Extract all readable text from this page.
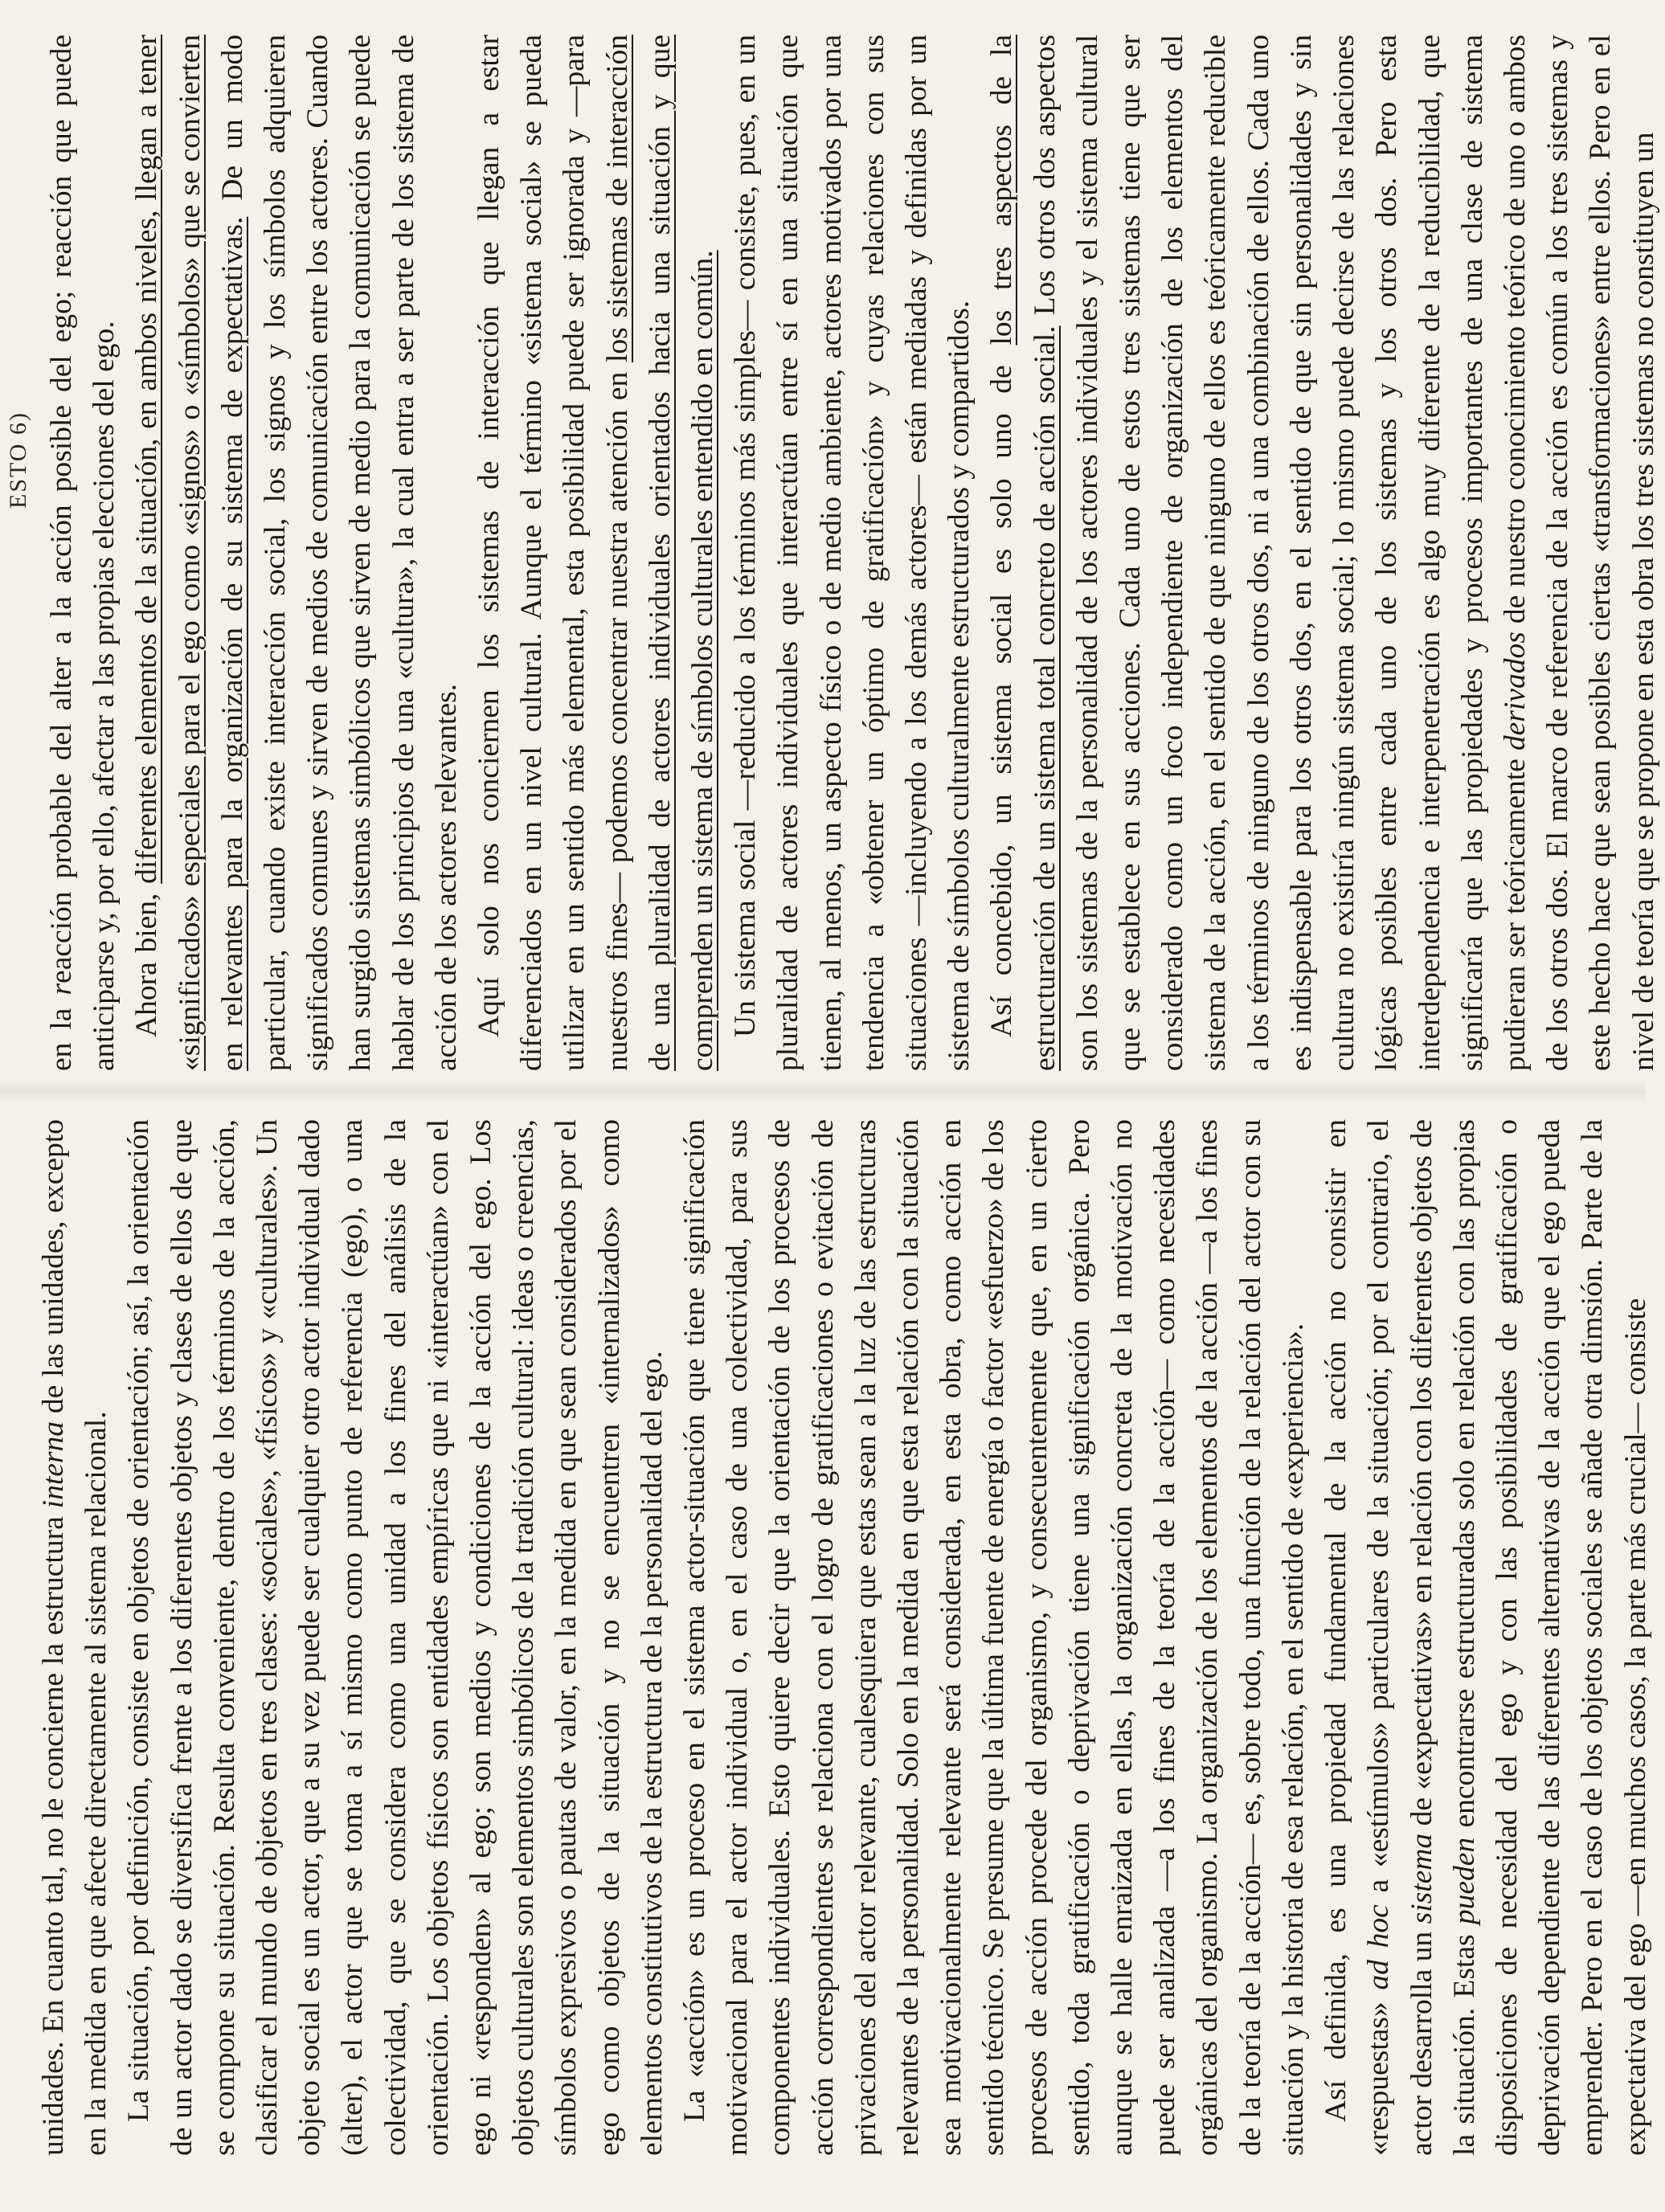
ESTO 6)

unidades. En cuanto tal, no le concierne la estructura interna de las unidades, excepto en la medida en que afecte directamente al sistema relacional. La situación, por definición, consiste en objetos de orientación; así, la orientación de un actor dado se diversifica frente a los diferentes objetos y clases de ellos de que se compone su situación. Resulta conveniente, dentro de los términos de la acción, clasificar el mundo de objetos en tres clases: «sociales», «físicos» y «culturales». Un objeto social es un actor, que a su vez puede ser cualquier otro actor individual dado (alter), el actor que se toma a sí mismo como punto de referencia (ego), o una colectividad, que se considera como una unidad a los fines del análisis de la orientación. Los objetos físicos son entidades empíricas que ni «interactúan» con el ego ni «responden» al ego; son medios y condiciones de la acción del ego. Los objetos culturales son elementos simbólicos de la tradición cultural: ideas o creencias, símbolos expresivos o pautas de valor, en la medida en que sean considerados por el ego como objetos de la situación y no se encuentren «internalizados» como elementos constitutivos de la estructura de la personalidad del ego. La «acción» es un proceso en el sistema actor-situación que tiene significación motivacional para el actor individual o, en el caso de una colectividad, para sus componentes individuales. Esto quiere decir que la orientación de los procesos de acción correspondientes se relaciona con el logro de gratificaciones o evitación de privaciones del actor relevante, cualesquiera que estas sean a la luz de las estructuras relevantes de la personalidad. Solo en la medida en que esta relación con la situación sea motivacionalmente relevante será considerada, en esta obra, como acción en sentido técnico. Se presume que la última fuente de energía o factor «esfuerzo» de los procesos de acción procede del organismo, y consecuentemente que, en un cierto sentido, toda gratificación o deprivación tiene una significación orgánica. Pero aunque se halle enraizada en ellas, la organización concreta de la motivación no puede ser analizada —a los fines de la teoría de la acción— como necesidades orgánicas del organismo. La organización de los elementos de la acción —a los fines de la teoría de la acción— es, sobre todo, una función de la relación del actor con su situación y la historia de esa relación, en el sentido de «experiencia». Así definida, es una propiedad fundamental de la acción no consistir en «respuestas» ad hoc a «estímulos» particulares de la situación; por el contrario, el actor desarrolla un sistema de «expectativas» en relación con los diferentes objetos de la situación. Estas pueden encontrarse estructuradas solo en relación con las propias disposiciones de necesidad del ego y con las posibilidades de gratificación o deprivación dependiente de las diferentes alternativas de la acción que el ego pueda emprender. Pero en el caso de los objetos sociales se añade otra dimsión. Parte de la expectativa del ego —en muchos casos, la parte más crucial— consiste

en la reacción probable del alter a la acción posible del ego; reacción que puede anticiparse y, por ello, afectar a las propias elecciones del ego. Ahora bien, diferentes elementos de la situación, en ambos niveles, llegan a tener «significados» especiales para el ego como «signos» o «símbolos» que se convierten en relevantes para la organización de su sistema de expectativas. De un modo particular, cuando existe interacción social, los signos y los símbolos adquieren significados comunes y sirven de medios de comunicación entre los actores. Cuando han surgido sistemas simbólicos que sirven de medio para la comunicación se puede hablar de los principios de una «cultura», la cual entra a ser parte de los sistema de acción de los actores relevantes. Aquí solo nos conciernen los sistemas de interacción que llegan a estar diferenciados en un nivel cultural. Aunque el término «sistema social» se pueda utilizar en un sentido más elemental, esta posibilidad puede ser ignorada y —para nuestros fines— podemos concentrar nuestra atención en los sistemas de interacción de una pluralidad de actores individuales orientados hacia una situación y que comprenden un sistema de símbolos culturales entendido en común. Un sistema social —reducido a los términos más simples— consiste, pues, en un pluralidad de actores individuales que interactúan entre sí en una situación que tienen, al menos, un aspecto físico o de medio ambiente, actores motivados por una tendencia a «obtener un óptimo de gratificación» y cuyas relaciones con sus situaciones —incluyendo a los demás actores— están mediadas y definidas por un sistema de símbolos culturalmente estructurados y compartidos. Así concebido, un sistema social es solo uno de los tres aspectos de la estructuración de un sistema total concreto de acción social. Los otros dos aspectos son los sistemas de la personalidad de los actores individuales y el sistema cultural que se establece en sus acciones. Cada uno de estos tres sistemas tiene que ser considerado como un foco independiente de organización de los elementos del sistema de la acción, en el sentido de que ninguno de ellos es teóricamente reducible a los términos de ninguno de los otros dos, ni a una combinación de ellos. Cada uno es indispensable para los otros dos, en el sentido de que sin personalidades y sin cultura no existiría ningún sistema social; lo mismo puede decirse de las relaciones lógicas posibles entre cada uno de los sistemas y los otros dos. Pero esta interdependencia e interpenetración es algo muy diferente de la reducibilidad, que significaría que las propiedades y procesos importantes de una clase de sistema pudieran ser teóricamente derivados de nuestro conocimiento teórico de uno o ambos de los otros dos. El marco de referencia de la acción es común a los tres sistemas y este hecho hace que sean posibles ciertas «transformaciones» entre ellos. Pero en el nivel de teoría que se propone en esta obra los tres sistemas no constituyen un
